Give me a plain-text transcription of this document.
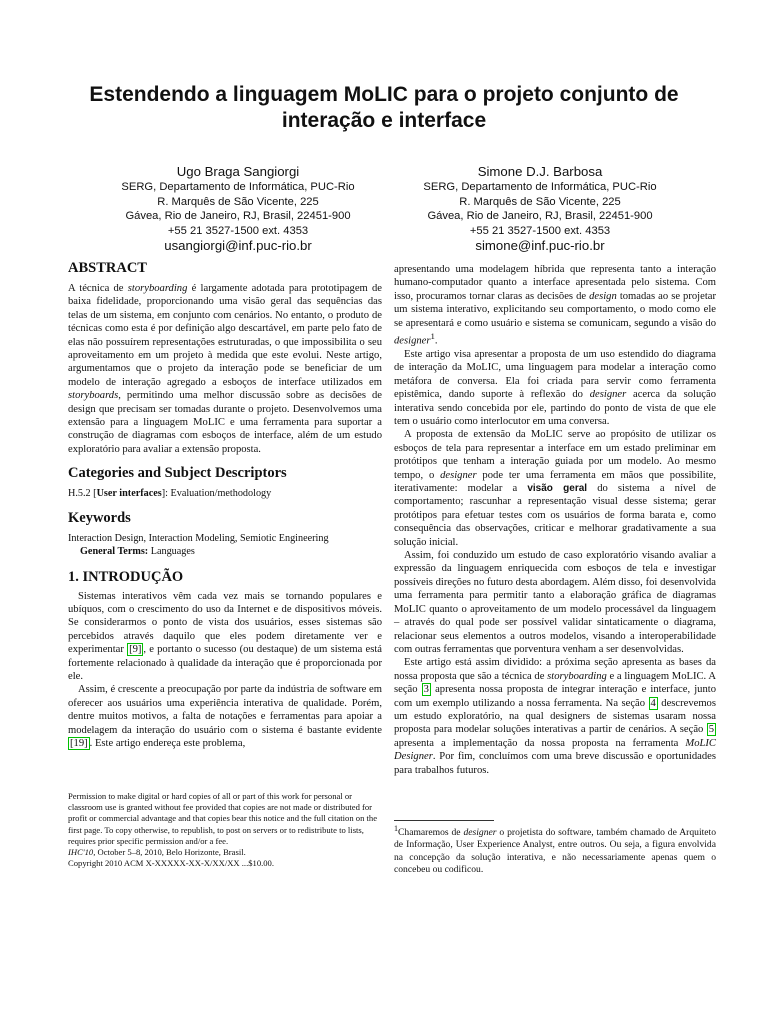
Estendendo a linguagem MoLIC para o projeto conjunto de interação e interface
Ugo Braga Sangiorgi
SERG, Departamento de Informática, PUC-Rio
R. Marquês de São Vicente, 225
Gávea, Rio de Janeiro, RJ, Brasil, 22451-900
+55 21 3527-1500 ext. 4353
usangiorgi@inf.puc-rio.br
Simone D.J. Barbosa
SERG, Departamento de Informática, PUC-Rio
R. Marquês de São Vicente, 225
Gávea, Rio de Janeiro, RJ, Brasil, 22451-900
+55 21 3527-1500 ext. 4353
simone@inf.puc-rio.br
ABSTRACT

A técnica de storyboarding é largamente adotada para prototipagem de baixa fidelidade, proporcionando uma visão geral das sequências das telas de um sistema, em conjunto com cenários. No entanto, o produto de técnicas como esta é por definição algo descartável, em parte pelo fato de elas não possuírem representações estruturadas, o que impossibilita o seu aproveitamento em um projeto à medida que este evolui. Neste artigo, argumentamos que o projeto da interação pode se beneficiar de um modelo de interação agregado a esboços de interface utilizados em storyboards, permitindo uma melhor discussão sobre as decisões de design que precisam ser tomadas durante o projeto. Desenvolvemos uma extensão para a linguagem MoLIC e uma ferramenta para suportar a construção de diagramas com esboços de interface, além de um estudo exploratório para avaliar a extensão proposta.

Categories and Subject Descriptors

H.5.2 [User interfaces]: Evaluation/methodology

Keywords

Interaction Design, Interaction Modeling, Semiotic Engineering

General Terms: Languages

1. INTRODUÇÃO

Sistemas interativos vêm cada vez mais se tornando populares e ubíquos, com o crescimento do uso da Internet e de dispositivos móveis. Se considerarmos o ponto de vista dos usuários, esses sistemas são percebidos através daquilo que eles podem diretamente ver e experimentar [9] , e portanto o sucesso (ou destaque) de um sistema está fortemente relacionado à qualidade da interação que é proporcionada por ele.

Assim, é crescente a preocupação por parte da indústria de software em oferecer aos usuários uma experiência interativa de qualidade. Porém, dentre muitos motivos, a falta de notações e ferramentas para apoiar a modelagem da interação do usuário com o sistema é bastante evidente [19] . Este artigo endereça este problema,

Permission to make digital or hard copies of all or part of this work for personal or classroom use is granted without fee provided that copies are not made or distributed for profit or commercial advantage and that copies bear this notice and the full citation on the first page. To copy otherwise, to republish, to post on servers or to redistribute to lists, requires prior specific permission and/or a fee.

IHC'10, October 5–8, 2010, Belo Horizonte, Brasil.

Copyright 2010 ACM X-XXXXX-XX-X/XX/XX ...$10.00.

apresentando uma modelagem híbrida que representa tanto a interação humano-computador quanto a interface apresentada pelo sistema. Com isso, procuramos tornar claras as decisões de design tomadas ao se projetar um sistema interativo, explicitando seu comportamento, o modo como ele se apresentará e como usuário e sistema se comunicam, segundo a visão do designer$^1$.

Este artigo visa apresentar a proposta de um uso estendido do diagrama de interação da MoLIC, uma linguagem para modelar a interação como metáfora de conversa. Ela foi criada para servir como ferramenta epistêmica, dando suporte à reflexão do designer acerca da solução interativa sendo concebida por ele, partindo do ponto de vista de que ele tem o usuário como interlocutor em uma conversa.

A proposta de extensão da MoLIC serve ao propósito de utilizar os esboços de tela para representar a interface em um estado preliminar em protótipos que tenham a interação guiada por um modelo. Ao mesmo tempo, o designer pode ter uma ferramenta em mãos que possibilite, iterativamente: modelar a visão geral do sistema a nível de comportamento; rascunhar a representação visual desse sistema; gerar protótipos para efetuar testes com os usuários de forma barata e, como consequência das observações, criticar e melhorar gradativamente a sua solução inicial.

Assim, foi conduzido um estudo de caso exploratório visando avaliar a expressão da linguagem enriquecida com esboços de tela e investigar possíveis direções no futuro desta abordagem. Além disso, foi desenvolvida uma ferramenta para permitir tanto a elaboração gráfica de diagramas MoLIC quanto o aproveitamento de um modelo processável da linguagem – através do qual pode ser possível validar sintaticamente o diagrama, relacionar seus elementos a outros modelos, visando a interoperabilidade com outras ferramentas que porventura venham a ser desenvolvidas.

Este artigo está assim dividido: a próxima seção apresenta as bases da nossa proposta que são a técnica de storyboarding e a linguagem MoLIC. A seção 3 apresenta nossa proposta de integrar interação e interface, junto com um exemplo utilizando a nossa ferramenta. Na seção 4 descrevemos um estudo exploratório, na qual designers de sistemas usaram nossa proposta para modelar soluções interativas a partir de cenários. A seção 5 apresenta a implementação da nossa proposta na ferramenta MoLIC Designer. Por fim, concluímos com uma breve discussão e oportunidades para trabalhos futuros.

$^1$Chamaremos de designer o projetista do software, também chamado de Arquiteto de Informação, User Experience Analyst, entre outros. Ou seja, a figura envolvida na concepção da solução interativa, e não necessariamente apenas quem o concebeu ou codificou.
